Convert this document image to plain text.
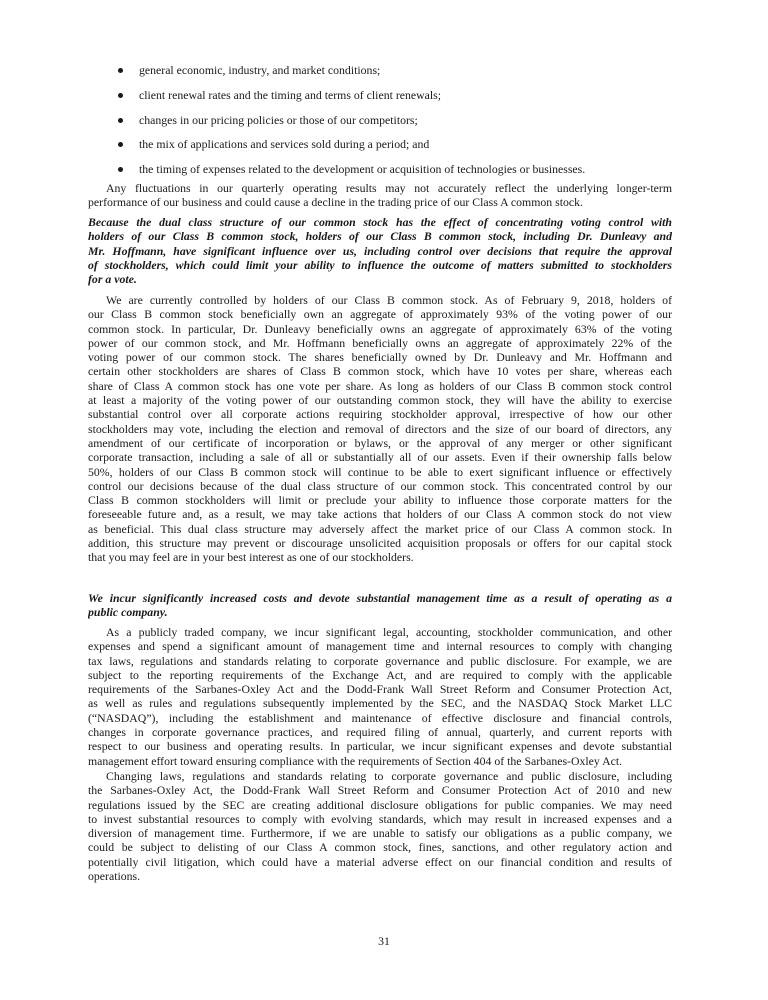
general economic, industry, and market conditions;
client renewal rates and the timing and terms of client renewals;
changes in our pricing policies or those of our competitors;
the mix of applications and services sold during a period; and
the timing of expenses related to the development or acquisition of technologies or businesses.
Any fluctuations in our quarterly operating results may not accurately reflect the underlying longer-term
performance of our business and could cause a decline in the trading price of our Class A common stock.
Because the dual class structure of our common stock has the effect of concentrating voting control with
holders of our Class B common stock, holders of our Class B common stock, including Dr. Dunleavy and
Mr. Hoffmann, have significant influence over us, including control over decisions that require the approval
of stockholders, which could limit your ability to influence the outcome of matters submitted to stockholders
for a vote.
We are currently controlled by holders of our Class B common stock. As of February 9, 2018, holders of
our Class B common stock beneficially own an aggregate of approximately 93% of the voting power of our
common stock. In particular, Dr. Dunleavy beneficially owns an aggregate of approximately 63% of the voting
power of our common stock, and Mr. Hoffmann beneficially owns an aggregate of approximately 22% of the
voting power of our common stock. The shares beneficially owned by Dr. Dunleavy and Mr. Hoffmann and
certain other stockholders are shares of Class B common stock, which have 10 votes per share, whereas each
share of Class A common stock has one vote per share. As long as holders of our Class B common stock control
at least a majority of the voting power of our outstanding common stock, they will have the ability to exercise
substantial control over all corporate actions requiring stockholder approval, irrespective of how our other
stockholders may vote, including the election and removal of directors and the size of our board of directors, any
amendment of our certificate of incorporation or bylaws, or the approval of any merger or other significant
corporate transaction, including a sale of all or substantially all of our assets. Even if their ownership falls below
50%, holders of our Class B common stock will continue to be able to exert significant influence or effectively
control our decisions because of the dual class structure of our common stock. This concentrated control by our
Class B common stockholders will limit or preclude your ability to influence those corporate matters for the
foreseeable future and, as a result, we may take actions that holders of our Class A common stock do not view
as beneficial. This dual class structure may adversely affect the market price of our Class A common stock. In
addition, this structure may prevent or discourage unsolicited acquisition proposals or offers for our capital stock
that you may feel are in your best interest as one of our stockholders.
We incur significantly increased costs and devote substantial management time as a result of operating as a
public company.
As a publicly traded company, we incur significant legal, accounting, stockholder communication, and other
expenses and spend a significant amount of management time and internal resources to comply with changing
tax laws, regulations and standards relating to corporate governance and public disclosure. For example, we are
subject to the reporting requirements of the Exchange Act, and are required to comply with the applicable
requirements of the Sarbanes-Oxley Act and the Dodd-Frank Wall Street Reform and Consumer Protection Act,
as well as rules and regulations subsequently implemented by the SEC, and the NASDAQ Stock Market LLC
(“NASDAQ”), including the establishment and maintenance of effective disclosure and financial controls,
changes in corporate governance practices, and required filing of annual, quarterly, and current reports with
respect to our business and operating results. In particular, we incur significant expenses and devote substantial
management effort toward ensuring compliance with the requirements of Section 404 of the Sarbanes-Oxley Act.
Changing laws, regulations and standards relating to corporate governance and public disclosure, including
the Sarbanes-Oxley Act, the Dodd-Frank Wall Street Reform and Consumer Protection Act of 2010 and new
regulations issued by the SEC are creating additional disclosure obligations for public companies. We may need
to invest substantial resources to comply with evolving standards, which may result in increased expenses and a
diversion of management time. Furthermore, if we are unable to satisfy our obligations as a public company, we
could be subject to delisting of our Class A common stock, fines, sanctions, and other regulatory action and
potentially civil litigation, which could have a material adverse effect on our financial condition and results of
operations.
31
